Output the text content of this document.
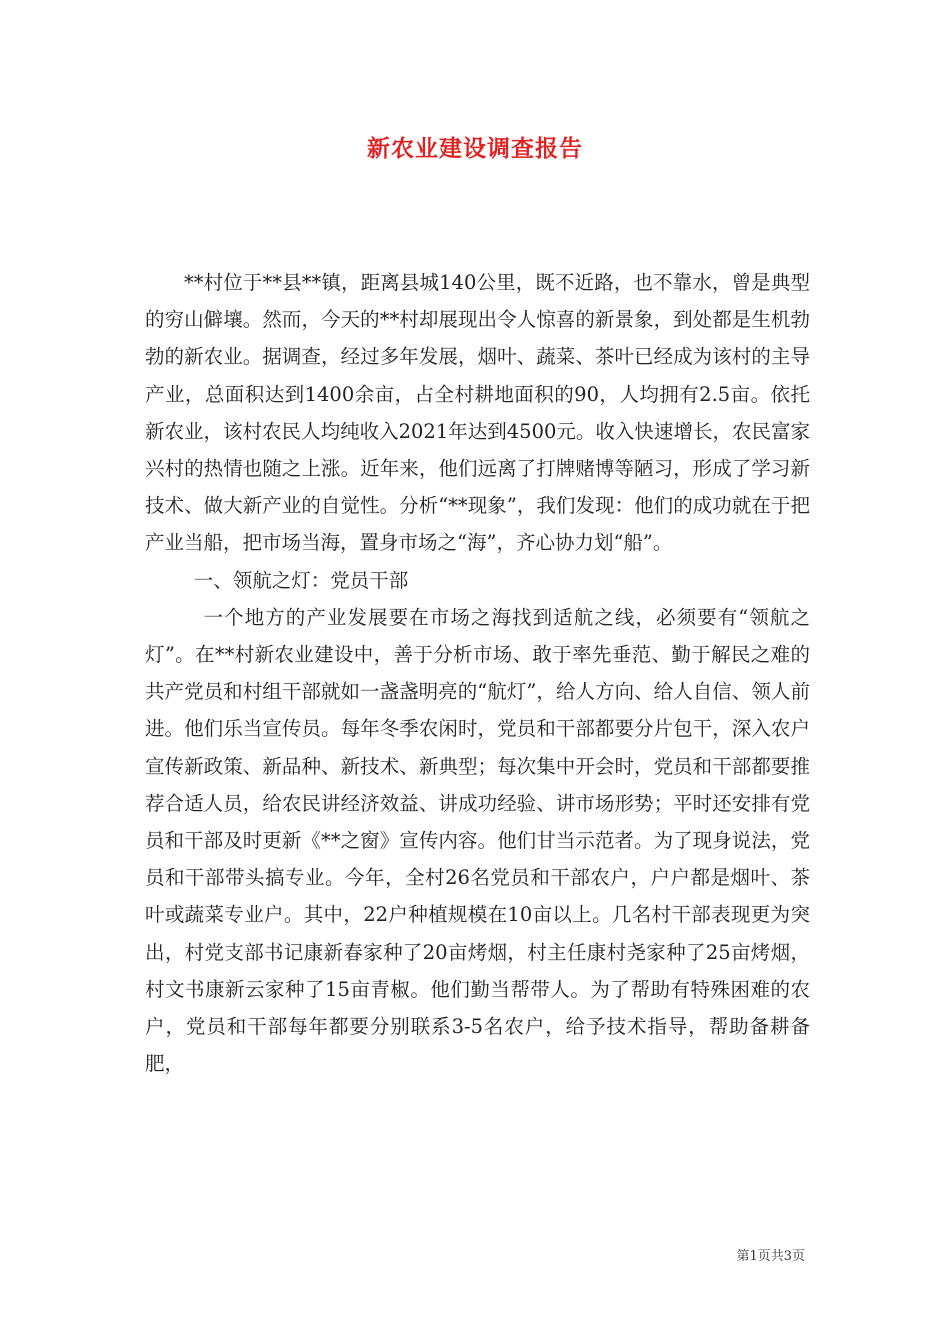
新农业建设调查报告

**村位于**县**镇，距离县城140公里，既不近路，也不靠水，曾是典型的穷山僻壤。然而，今天的**村却展现出令人惊喜的新景象，到处都是生机勃勃的新农业。据调查，经过多年发展，烟叶、蔬菜、茶叶已经成为该村的主导产业，总面积达到1400余亩，占全村耕地面积的90，人均拥有2.5亩。依托新农业，该村农民人均纯收入2021年达到4500元。收入快速增长，农民富家兴村的热情也随之上涨。近年来，他们远离了打牌赌博等陋习，形成了学习新技术、做大新产业的自觉性。分析“**现象”，我们发现：他们的成功就在于把产业当船，把市场当海，置身市场之“海”，齐心协力划“船”。

一、领航之灯：党员干部

一个地方的产业发展要在市场之海找到适航之线，必须要有“领航之灯”。在**村新农业建设中，善于分析市场、敢于率先垂范、勤于解民之难的共产党员和村组干部就如一盏盏明亮的“航灯”，给人方向、给人自信、领人前进。他们乐当宣传员。每年冬季农闲时，党员和干部都要分片包干，深入农户宣传新政策、新品种、新技术、新典型；每次集中开会时，党员和干部都要推荐合适人员，给农民讲经济效益、讲成功经验、讲市场形势；平时还安排有党员和干部及时更新《**之窗》宣传内容。他们甘当示范者。为了现身说法，党员和干部带头搞专业。今年，全村26名党员和干部农户，户户都是烟叶、茶叶或蔬菜专业户。其中，22户种植规模在10亩以上。几名村干部表现更为突出，村党支部书记康新春家种了20亩烤烟，村主任康村尧家种了25亩烤烟，村文书康新云家种了15亩青椒。他们勤当帮带人。为了帮助有特殊困难的农户，党员和干部每年都要分别联系3-5名农户，给予技术指导，帮助备耕备肥，

第1页共3页
